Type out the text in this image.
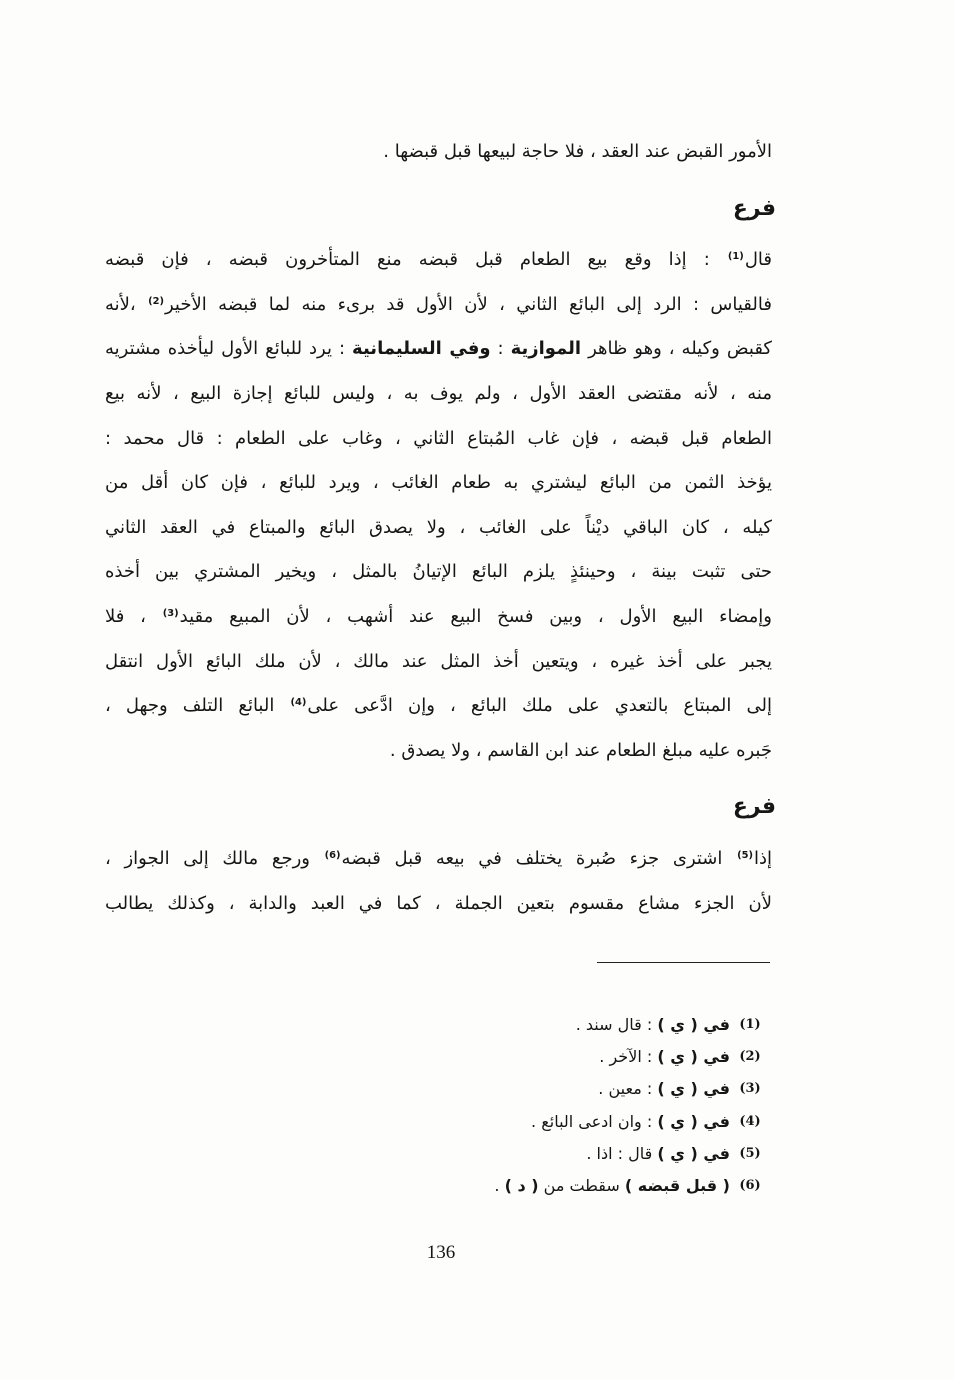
الأمور القبض عند العقد ، فلا حاجة لبيعها قبل قبضها .
فرع
قال$^{(1)}$ : إذا وقع بيع الطعام قبل قبضه منع المتأخرون قبضه ، فإن قبضه
فالقياس : الرد إلى البائع الثاني ، لأن الأول قد برىء منه لما قبضه الأخير$^{(2)}$ ،لأنه
كقبض وكيله ، وهو ظاهر الموازية : وفي السليمانية : يرد للبائع الأول ليأخذه مشتريه
منه ، لأنه مقتضى العقد الأول ، ولم يوف به ، وليس للبائع إجازة البيع ، لأنه بيع
الطعام قبل قبضه ، فإن غاب المُبتاع الثاني ، وغاب على الطعام : قال محمد :
يؤخذ الثمن من البائع ليشتري به طعام الغائب ، ويرد للبائع ، فإن كان أقل من
كيله ، كان الباقي ديْناً على الغائب ، ولا يصدق البائع والمبتاع في العقد الثاني
حتى تثبت بينة ، وحينئذٍ يلزم البائع الإتيانُ بالمثل ، ويخير المشتري بين أخذه
وإمضاء البيع الأول ، وبين فسخ البيع عند أشهب ، لأن المبيع مقيد$^{(3)}$ ، فلا
يجبر على أخذ غيره ، ويتعين أخذ المثل عند مالك ، لأن ملك البائع الأول انتقل
إلى المبتاع بالتعدي على ملك البائع ، وإن ادَّعى على$^{(4)}$ البائع التلف وجهل ،
جَبره عليه مبلغ الطعام عند ابن القاسم ، ولا يصدق .
فرع
إذا$^{(5)}$ اشترى جزء صُبرة يختلف في بيعه قبل قبضه$^{(6)}$ ورجع مالك إلى الجواز ،
لأن الجزء مشاع مقسوم بتعين الجملة ، كما في العبد والدابة ، وكذلك يطالب
(1)
في ( ي ) : قال سند .
(2)
في ( ي ) : الآخر .
(3)
في ( ي ) : معين .
(4)
في ( ي ) : وان ادعى البائع .
(5)
في ( ي ) قال : اذا .
(6)
( قبل قبضه ) سقطت من ( د ) .
136
